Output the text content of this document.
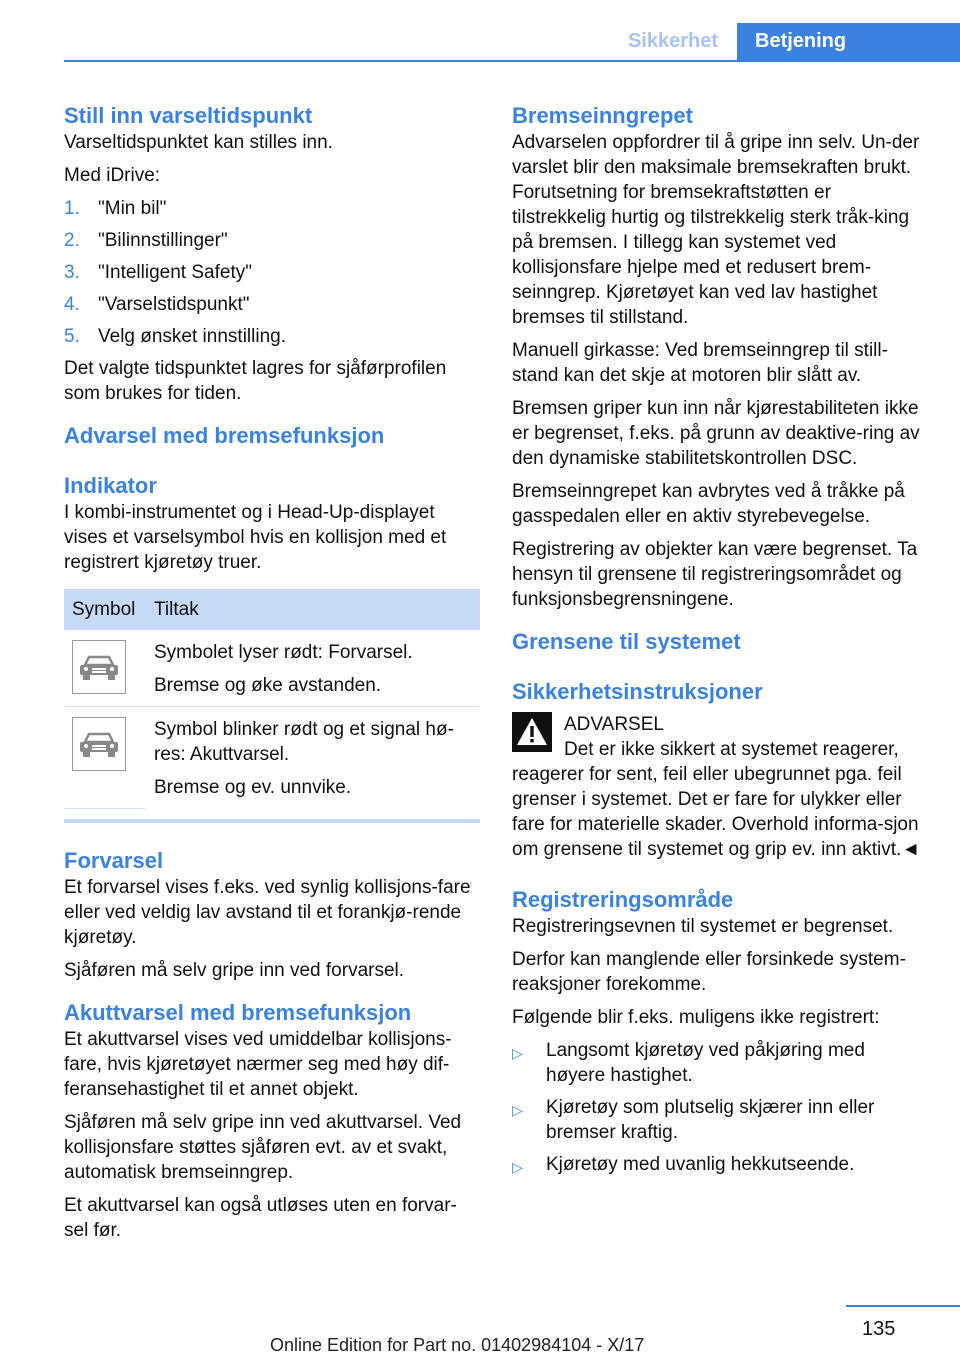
Sikkerhet	Betjening
Still inn varseltidspunkt

Varseltidspunktet kan stilles inn.

Med iDrive:

1. "Min bil"
2. "Bilinnstillinger"
3. "Intelligent Safety"
4. "Varselstidspunkt"
5. Velg ønsket innstilling.

Det valgte tidspunktet lagres for sjåførprofilen som brukes for tiden.

Advarsel med bremsefunksjon
Indikator

I kombi-instrumentet og i Head-Up-displayet vises et varselsymbol hvis en kollisjon med et registrert kjøretøy truer.

Symbol	Tiltak

Symbolet lyser rødt: Forvarsel.

Bremse og øke avstanden.

Symbol blinker rødt og et signal hø‐res: Akuttvarsel.

Bremse og ev. unnvike.

Forvarsel

Et forvarsel vises f.eks. ved synlig kollisjons‐fare eller ved veldig lav avstand til et forankjø‐rende kjøretøy.

Sjåføren må selv gripe inn ved forvarsel.

Akuttvarsel med bremsefunksjon

Et akuttvarsel vises ved umiddelbar kollisjons‐fare, hvis kjøretøyet nærmer seg med høy dif‐feransehastighet til et annet objekt.

Sjåføren må selv gripe inn ved akuttvarsel. Ved kollisjonsfare støttes sjåføren evt. av et svakt, automatisk bremseinngrep.

Et akuttvarsel kan også utløses uten en forvar‐sel før.

Bremseinngrepet

Advarselen oppfordrer til å gripe inn selv. Un‐der varslet blir den maksimale bremsekraften brukt. Forutsetning for bremsekraftstøtten er tilstrekkelig hurtig og tilstrekkelig sterk tråk‐king på bremsen. I tillegg kan systemet ved kollisjonsfare hjelpe med et redusert brem‐seinngrep. Kjøretøyet kan ved lav hastighet bremses til stillstand.

Manuell girkasse: Ved bremseinngrep til still‐stand kan det skje at motoren blir slått av.

Bremsen griper kun inn når kjørestabiliteten ikke er begrenset, f.eks. på grunn av deaktive‐ring av den dynamiske stabilitetskontrollen DSC.

Bremseinngrepet kan avbrytes ved å tråkke på gasspedalen eller en aktiv styrebevegelse.

Registrering av objekter kan være begrenset. Ta hensyn til grensene til registreringsområdet og funksjonsbegrensningene.

Grensene til systemet
Sikkerhetsinstruksjoner
ADVARSEL
Det er ikke sikkert at systemet reagerer,

reagerer for sent, feil eller ubegrunnet pga. feil grenser i systemet. Det er fare for ulykker eller fare for materielle skader. Overhold informa‐sjon om grensene til systemet og grip ev. inn aktivt.◄

Registreringsområde

Registreringsevnen til systemet er begrenset.

Derfor kan manglende eller forsinkede system‐reaksjoner forekomme.

Følgende blir f.eks. muligens ikke registrert:

▷	Langsomt kjøretøy ved påkjøring med høyere hastighet.
▷	Kjøretøy som plutselig skjærer inn eller bremser kraftig.
▷	Kjøretøy med uvanlig hekkutseende.
135
Online Edition for Part no. 01402984104 - X/17
